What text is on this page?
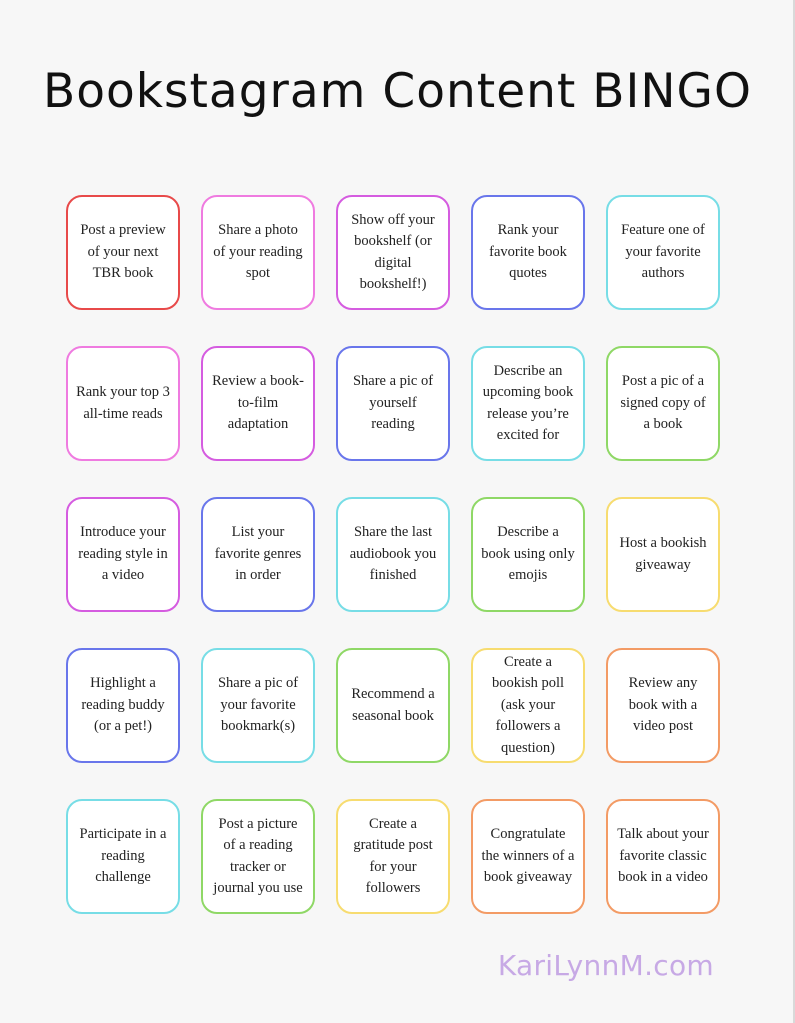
Bookstagram Content BINGO
Post a preview of your next TBR book
Share a photo of your reading spot
Show off your bookshelf (or digital bookshelf!)
Rank your favorite book quotes
Feature one of your favorite authors
Rank your top 3 all-time reads
Review a book-to-film adaptation
Share a pic of yourself reading
Describe an upcoming book release you’re excited for
Post a pic of a signed copy of a book
Introduce your reading style in a video
List your favorite genres in order
Share the last audiobook you finished
Describe a book using only emojis
Host a bookish giveaway
Highlight a reading buddy (or a pet!)
Share a pic of your favorite bookmark(s)
Recommend a seasonal book
Create a bookish poll (ask your followers a question)
Review any book with a video post
Participate in a reading challenge
Post a picture of a reading tracker or journal you use
Create a gratitude post for your followers
Congratulate the winners of a book giveaway
Talk about your favorite classic book in a video
KariLynnM.com
